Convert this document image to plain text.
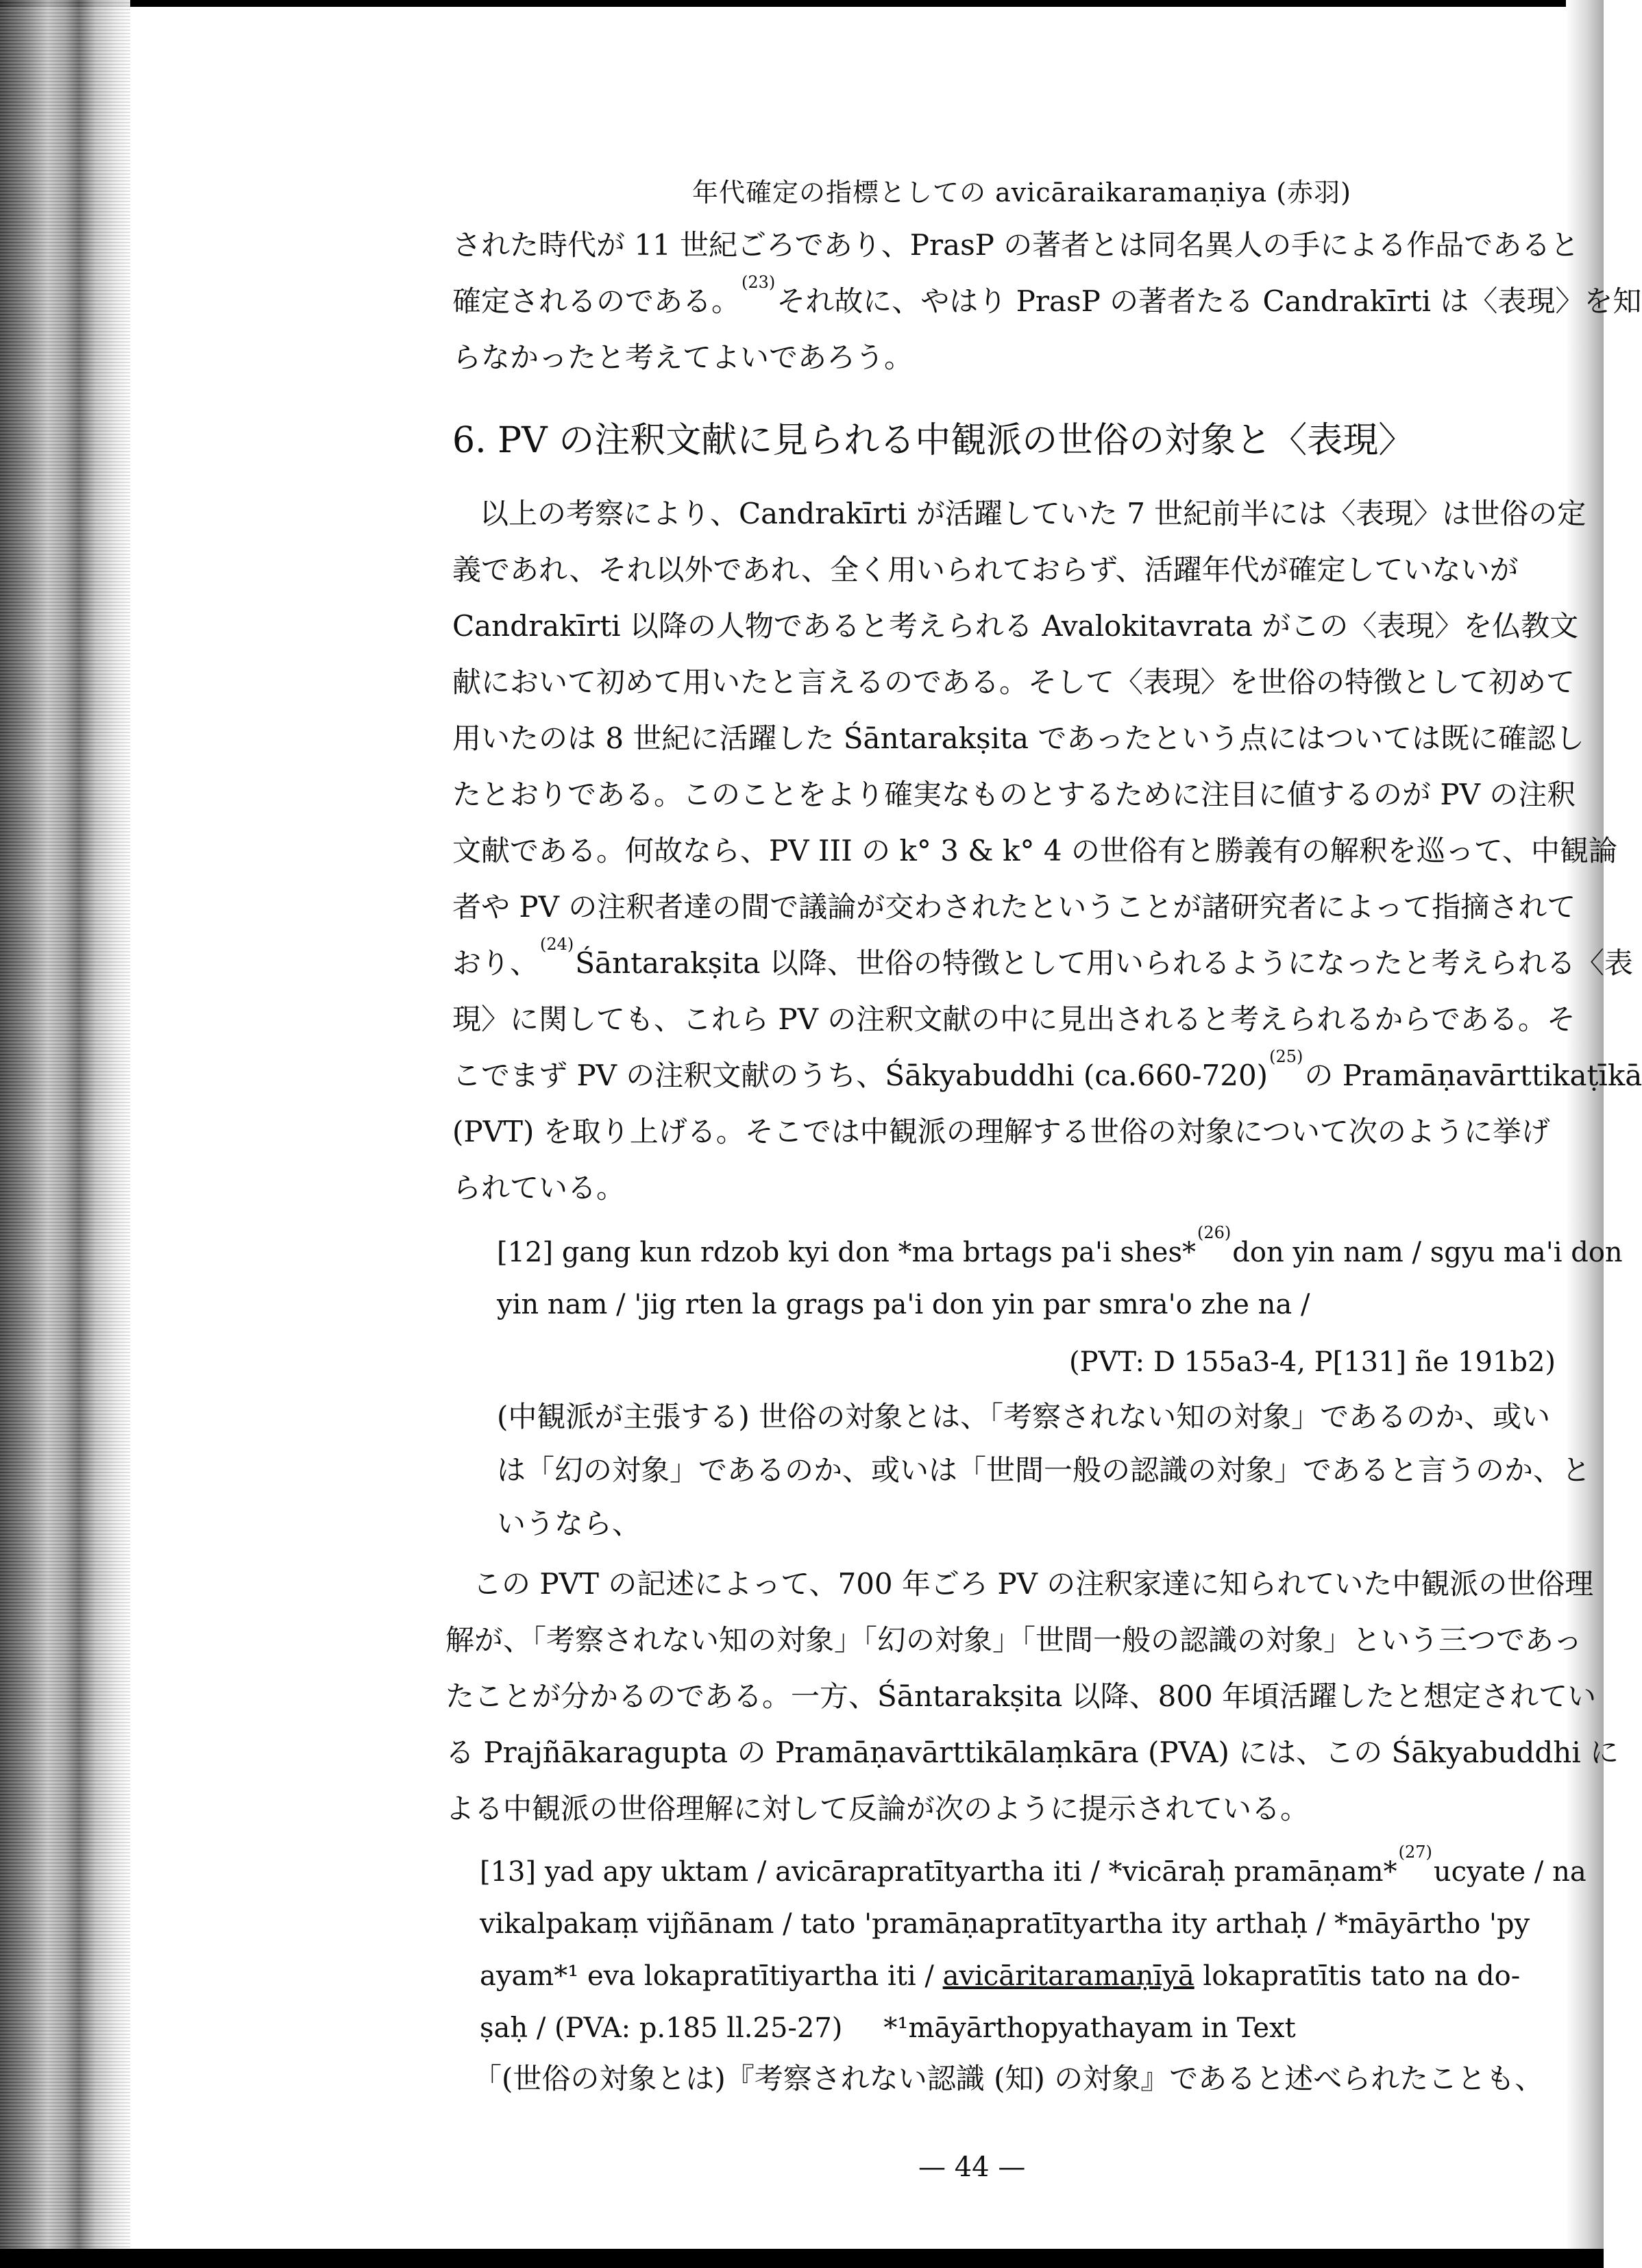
年代確定の指標としての avicāraikaramaṇiya (赤羽)
された時代が 11 世紀ごろであり、PrasP の著者とは同名異人の手による作品であると
確定されるのである。$^{(23)}$それ故に、やはり PrasP の著者たる Candrakīrti は〈表現〉を知
らなかったと考えてよいであろう。
6. PV の注釈文献に見られる中観派の世俗の対象と〈表現〉
以上の考察により、Candrakīrti が活躍していた 7 世紀前半には〈表現〉は世俗の定
義であれ、それ以外であれ、全く用いられておらず、活躍年代が確定していないが
Candrakīrti 以降の人物であると考えられる Avalokitavrata がこの〈表現〉を仏教文
献において初めて用いたと言えるのである。そして〈表現〉を世俗の特徴として初めて
用いたのは 8 世紀に活躍した Śāntarakṣita であったという点にはついては既に確認し
たとおりである。このことをより確実なものとするために注目に値するのが PV の注釈
文献である。何故なら、PV III の k° 3 & k° 4 の世俗有と勝義有の解釈を巡って、中観論
者や PV の注釈者達の間で議論が交わされたということが諸研究者によって指摘されて
おり、$^{(24)}$Śāntarakṣita 以降、世俗の特徴として用いられるようになったと考えられる〈表
現〉に関しても、これら PV の注釈文献の中に見出されると考えられるからである。そ
こでまず PV の注釈文献のうち、Śākyabuddhi $(ca.660-720)^{(25)}$の Pramāṇavārttikaṭīkā
(PVT) を取り上げる。そこでは中観派の理解する世俗の対象について次のように挙げ
られている。
[12] gang kun rdzob kyi don *ma brtags pa'i shes*$^{(26)}$don yin nam / sgyu ma'i don
yin nam / 'jig rten la grags pa'i don yin par smra'o zhe na /
(PVT: D 155a3-4, P[131] ñe 191b2)
(中観派が主張する) 世俗の対象とは、「考察されない知の対象」であるのか、或い
は「幻の対象」であるのか、或いは「世間一般の認識の対象」であると言うのか、と
いうなら、
この PVT の記述によって、700 年ごろ PV の注釈家達に知られていた中観派の世俗理
解が、「考察されない知の対象」「幻の対象」「世間一般の認識の対象」という三つであっ
たことが分かるのである。一方、Śāntarakṣita 以降、800 年頃活躍したと想定されてい
る Prajñākaragupta の Pramāṇavārttikālaṃkāra (PVA) には、この Śākyabuddhi に
よる中観派の世俗理解に対して反論が次のように提示されている。
[13] yad apy uktam / avicārapratītyartha iti / *vicāraḥ pramāṇam*$^{(27)}$ucyate / na
vikalpakaṃ vijñānam / tato 'pramāṇapratītyartha ity arthaḥ / *māyārtho 'py
ayam*¹ eva lokapratītiyartha iti / avicāritaramaṇīyā lokapratītis tato na do-
ṣaḥ / (PVA: p.185 ll.25-27) *¹māyārthopyathayam in Text
「(世俗の対象とは)『考察されない認識 (知) の対象』であると述べられたことも、
— 44 —
